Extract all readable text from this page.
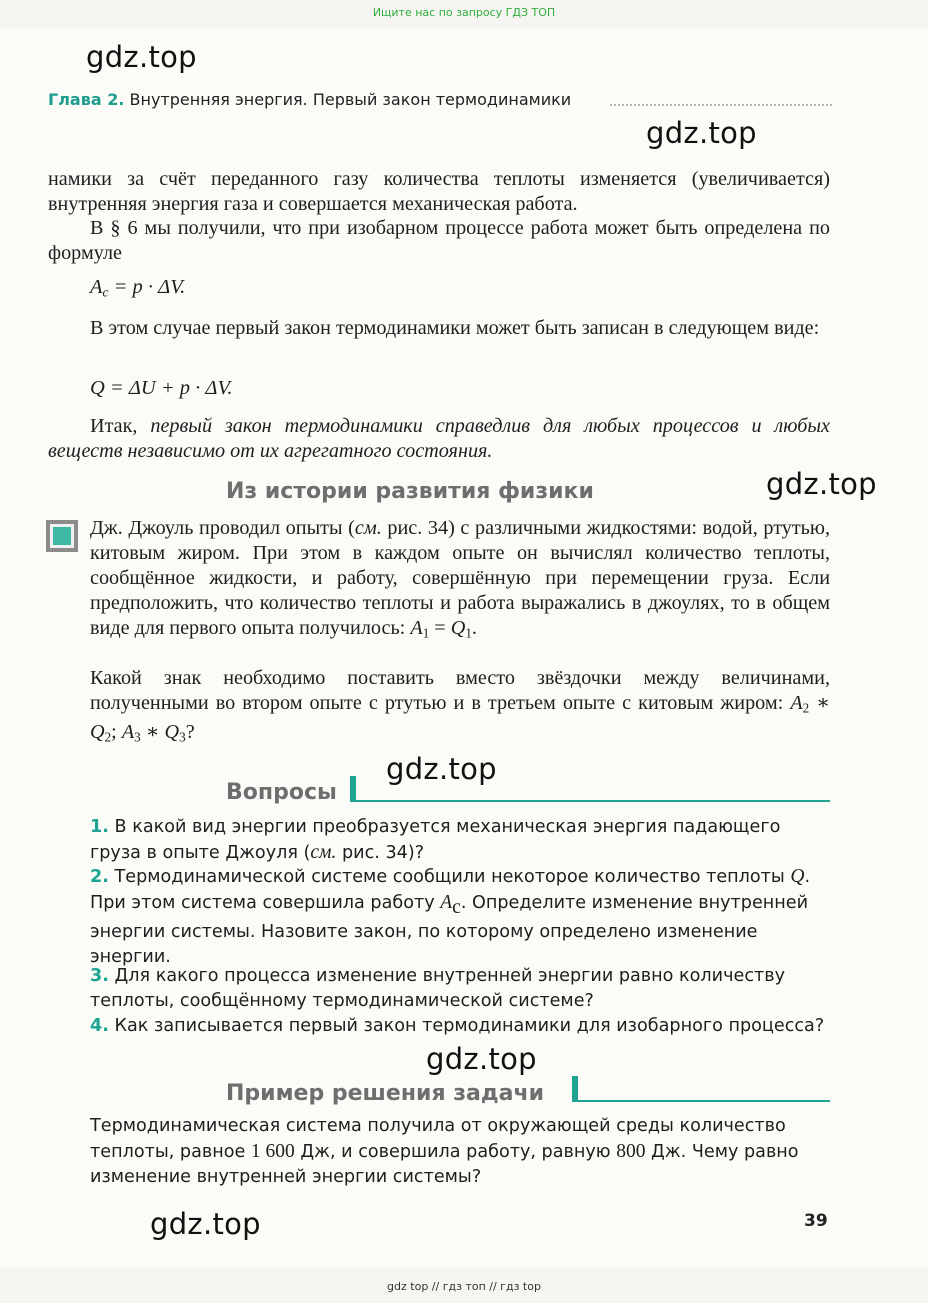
Ищите нас по запросу ГДЗ ТОП
gdz.top
gdz.top
gdz.top
gdz.top
gdz.top
gdz.top
Глава 2. Внутренняя энергия. Первый закон термодинамики

намики за счёт переданного газу количества теплоты изменяется (увеличивается) внутренняя энергия газа и совершается механическая работа.

В § 6 мы получили, что при изобарном процессе работа может быть определена по формуле

$A_c = p \cdot \Delta V$.

В этом случае первый закон термодинамики может быть записан в следующем виде:

Q = ΔU + p · ΔV.

Итак, первый закон термодинамики справедлив для любых процессов и любых веществ независимо от их агрегатного состояния.

Из истории развития физики

Дж. Джоуль проводил опыты (см. рис. 34) с различными жидкостями: водой, ртутью, китовым жиром. При этом в каждом опыте он вычислял количество теплоты, сообщённое жидкости, и работу, совершённую при перемещении груза. Если предположить, что количество теплоты и работа выражались в джоулях, то в общем виде для первого опыта получилось: $A_1 = Q_1$.

Какой знак необходимо поставить вместо звёздочки между величинами, полученными во втором опыте с ртутью и в третьем опыте с китовым жиром: $A_2$ ∗ $Q_2$; $A_3$ ∗ $Q_3$?

Вопросы

1. В какой вид энергии преобразуется механическая энергия падающего груза в опыте Джоуля (см. рис. 34)?

2. Термодинамической системе сообщили некоторое количество теплоты Q. При этом система совершила работу $A_c$. Определите изменение внутренней энергии системы. Назовите закон, по которому определено изменение энергии.

3. Для какого процесса изменение внутренней энергии равно количеству теплоты, сообщённому термодинамической системе?

4. Как записывается первый закон термодинамики для изобарного процесса?

Пример решения задачи

Термодинамическая система получила от окружающей среды количество теплоты, равное 1 600 Дж, и совершила работу, равную 800 Дж. Чему равно изменение внутренней энергии системы?

39
gdz top // гдз топ // гдз top
